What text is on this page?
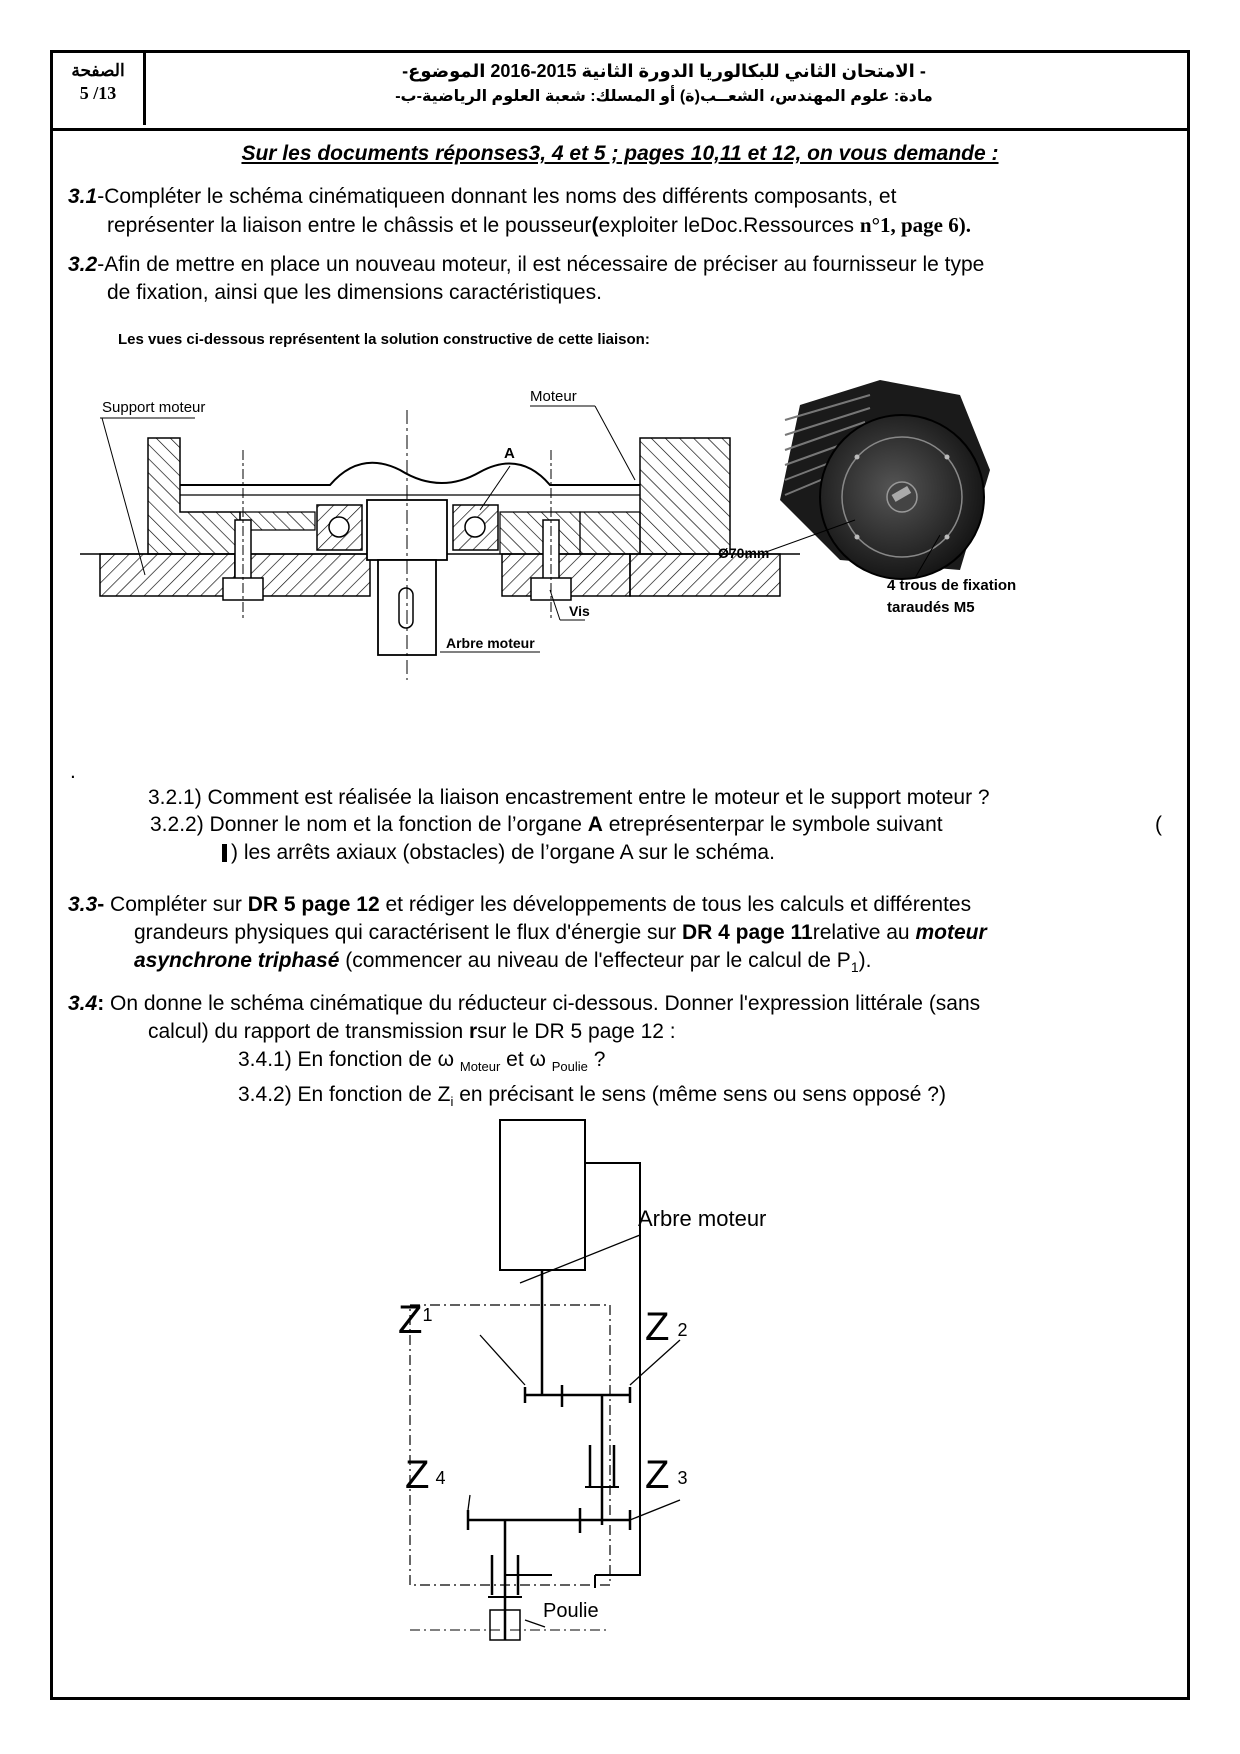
الصفحة
5 /13
- الامتحان الثاني للبكالوريا الدورة الثانية 2015-2016 الموضوع-
مادة: علوم المهندس، الشعــب(ة) أو المسلك: شعبة العلوم الرياضية-ب-
Sur les documents réponses3, 4 et 5 ; pages 10,11 et 12, on vous demande :

3.1-Compléter le schéma cinématiqueen donnant les noms des différents composants, et
représenter la liaison entre le châssis et le pousseur(exploiter leDoc.Ressources n°1, page 6).

3.2-Afin de mettre en place un nouveau moteur, il est nécessaire de préciser au fournisseur le type
de fixation, ainsi que les dimensions caractéristiques.

Les vues ci-dessous représentent la solution constructive de cette liaison:
Support moteur
Moteur
A
Vis
Arbre moteur
Ø70mm
4 trous de fixation
taraudés M5
.

3.2.1) Comment est réalisée la liaison encastrement entre le moteur et le support moteur ?

3.2.2) Donner le nom et la fonction de l’organe A etreprésenterpar le symbole suivant	(

) les arrêts axiaux (obstacles) de l’organe A sur le schéma.

3.3- Compléter sur DR 5 page 12 et rédiger les développements de tous les calculs et différentes
grandeurs physiques qui caractérisent le flux d'énergie sur DR 4 page 11relative au moteur
asynchrone triphasé (commencer au niveau de l'effecteur par le calcul de $P_1$).

3.4: On donne le schéma cinématique du réducteur ci-dessous. Donner l'expression littérale (sans
calcul) du rapport de transmission rsur le DR 5 page 12 :
3.4.1) En fonction de ω $_{Moteur}$ et ω $_{Poulie}$ ?
3.4.2) En fonction de $Z_i$ en précisant le sens (même sens ou sens opposé ?)

Arbre moteur
$Z^1$	Z 2
Z 3
Z 4
Poulie
